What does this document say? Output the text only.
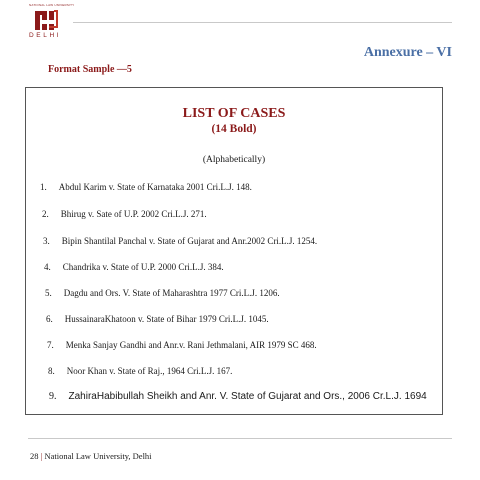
NATIONAL LAW UNIVERSITY
DELHI
Annexure – VI
Format Sample —5
LIST OF CASES
(14 Bold)
(Alphabetically)
1. Abdul Karim v. State of Karnataka 2001 Cri.L.J. 148.
2. Bhirug v. Sate of U.P. 2002 Cri.L.J. 271.
3. Bipin Shantilal Panchal v. State of Gujarat and Anr.2002 Cri.L.J. 1254.
4. Chandrika v. State of U.P. 2000 Cri.L.J. 384.
5. Dagdu and Ors. V. State of Maharashtra 1977 Cri.L.J. 1206.
6. HussainaraKhatoon v. State of Bihar 1979 Cri.L.J. 1045.
7. Menka Sanjay Gandhi and Anr.v. Rani Jethmalani, AIR 1979 SC 468.
8. Noor Khan v. State of Raj., 1964 Cri.L.J. 167.
9. ZahiraHabibullah Sheikh and Anr. V. State of Gujarat and Ors., 2006 Cr.L.J. 1694
28 | National Law University, Delhi
